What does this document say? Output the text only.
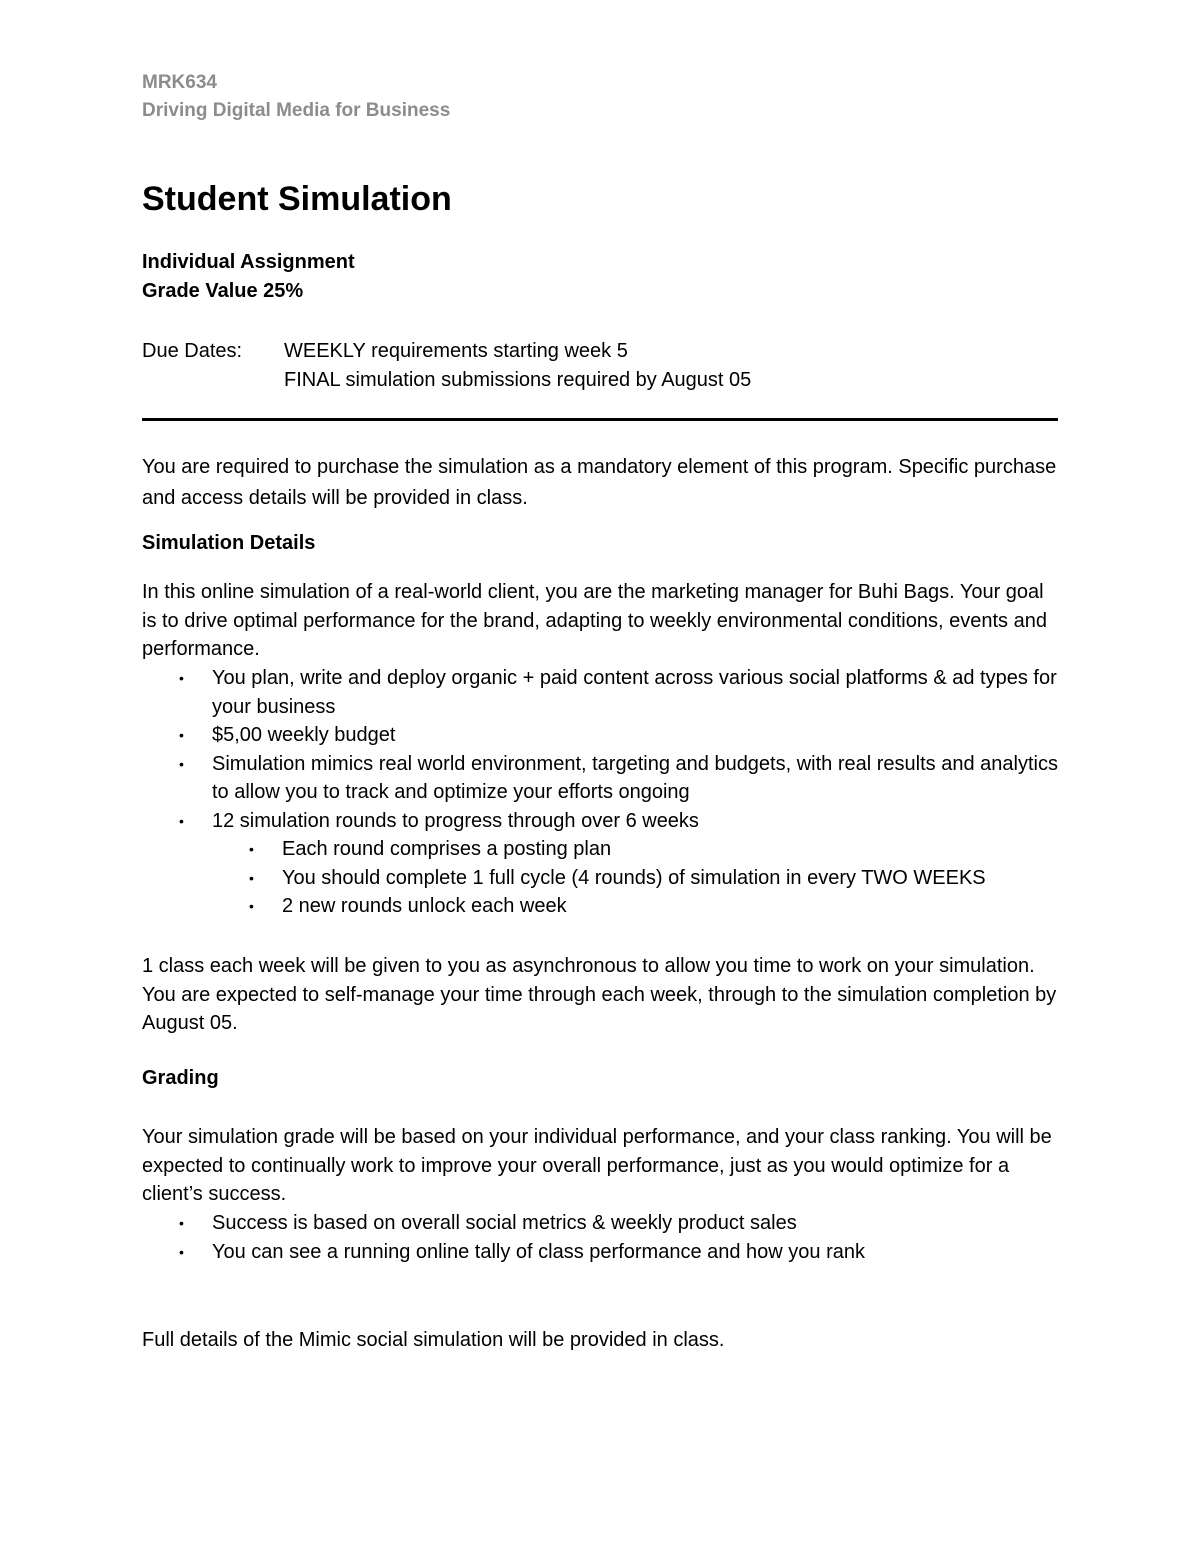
MRK634
Driving Digital Media for Business
Student Simulation
Individual Assignment
Grade Value 25%
Due Dates: WEEKLY requirements starting week 5
FINAL simulation submissions required by August 05

You are required to purchase the simulation as a mandatory element of this program. Specific purchase and access details will be provided in class.

Simulation Details

In this online simulation of a real-world client, you are the marketing manager for Buhi Bags. Your goal is to drive optimal performance for the brand, adapting to weekly environmental conditions, events and performance.

• You plan, write and deploy organic + paid content across various social platforms & ad types for your business
• $5,00 weekly budget
• Simulation mimics real world environment, targeting and budgets, with real results and analytics to allow you to track and optimize your efforts ongoing
• 12 simulation rounds to progress through over 6 weeks
• Each round comprises a posting plan
• You should complete 1 full cycle (4 rounds) of simulation in every TWO WEEKS
• 2 new rounds unlock each week

1 class each week will be given to you as asynchronous to allow you time to work on your simulation. You are expected to self-manage your time through each week, through to the simulation completion by August 05.

Grading

Your simulation grade will be based on your individual performance, and your class ranking. You will be expected to continually work to improve your overall performance, just as you would optimize for a client’s success.

• Success is based on overall social metrics & weekly product sales
• You can see a running online tally of class performance and how you rank

Full details of the Mimic social simulation will be provided in class.
